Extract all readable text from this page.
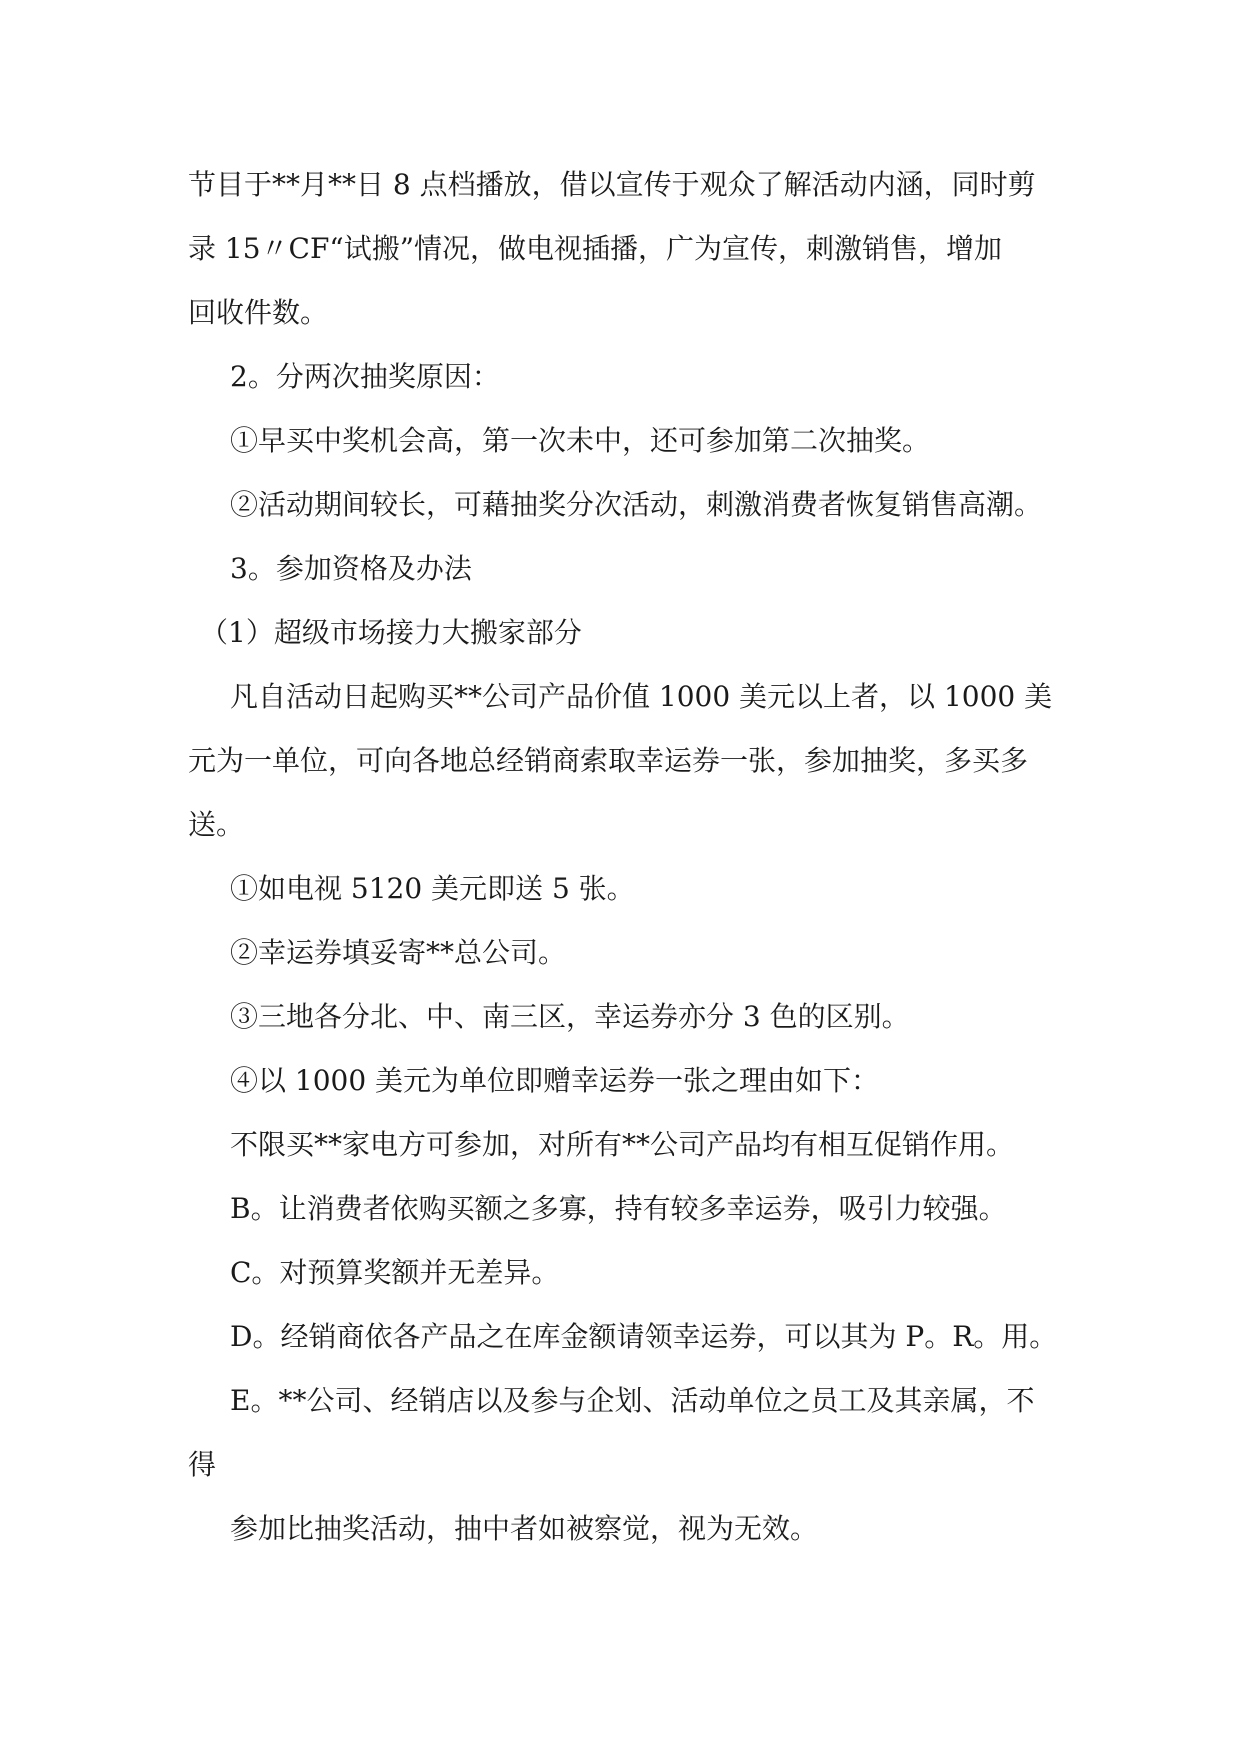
节目于**月**日 8 点档播放，借以宣传于观众了解活动内涵，同时剪
录 15〃CF“试搬”情况，做电视插播，广为宣传，刺激销售，增加
回收件数。
2。分两次抽奖原因：
①早买中奖机会高，第一次未中，还可参加第二次抽奖。
②活动期间较长，可藉抽奖分次活动，刺激消费者恢复销售高潮。
3。参加资格及办法
（1）超级市场接力大搬家部分
凡自活动日起购买**公司产品价值 1000 美元以上者，以 1000 美
元为一单位，可向各地总经销商索取幸运券一张，参加抽奖，多买多
送。
①如电视 5120 美元即送 5 张。
②幸运券填妥寄**总公司。
③三地各分北、中、南三区，幸运券亦分 3 色的区别。
④以 1000 美元为单位即赠幸运券一张之理由如下：
不限买**家电方可参加，对所有**公司产品均有相互促销作用。
B。让消费者依购买额之多寡，持有较多幸运券，吸引力较强。
C。对预算奖额并无差异。
D。经销商依各产品之在库金额请领幸运券，可以其为 P。R。用。
E。**公司、经销店以及参与企划、活动单位之员工及其亲属，不
得
参加比抽奖活动，抽中者如被察觉，视为无效。
